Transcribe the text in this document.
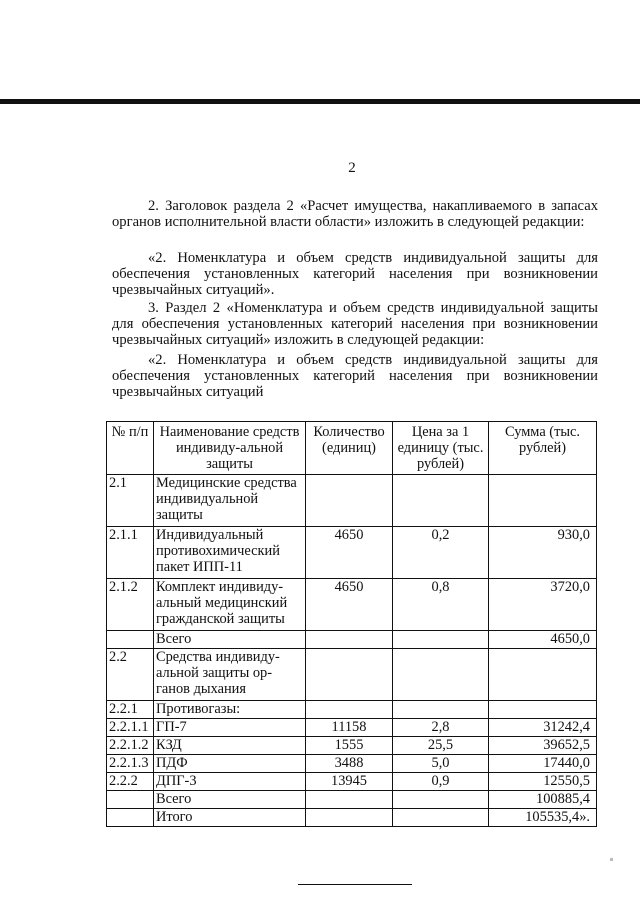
2

2. Заголовок раздела 2 «Расчет имущества, накапливаемого в запасах органов исполнительной власти области» изложить в следующей редакции:

«2. Номенклатура и объем средств индивидуальной защиты для обеспечения установленных категорий населения при возникновении чрезвычайных ситуаций».

3. Раздел 2 «Номенклатура и объем средств индивидуальной защиты для обеспечения установленных категорий населения при возникновении чрезвычайных ситуаций» изложить в следующей редакции:

«2. Номенклатура и объем средств индивидуальной защиты для обеспечения установленных категорий населения при возникновении чрезвычайных ситуаций

№ п/п	Наименование средств индивиду-альной защиты	Количество (единиц)	Цена за 1 единицу (тыс. рублей)	Сумма (тыс. рублей)
2.1	Медицинские средства индивидуальной защиты			
2.1.1	Индивидуальный противохимический пакет ИПП-11	4650	0,2	930,0
2.1.2	Комплект индивиду-альный медицинский гражданской защиты	4650	0,8	3720,0
	Всего			4650,0
2.2	Средства индивиду-альной защиты ор-ганов дыхания			
2.2.1	Противогазы:			
2.2.1.1	ГП-7	11158	2,8	31242,4
2.2.1.2	КЗД	1555	25,5	39652,5
2.2.1.3	ПДФ	3488	5,0	17440,0
2.2.2	ДПГ-3	13945	0,9	12550,5
	Всего			100885,4
	Итого			105535,4».
